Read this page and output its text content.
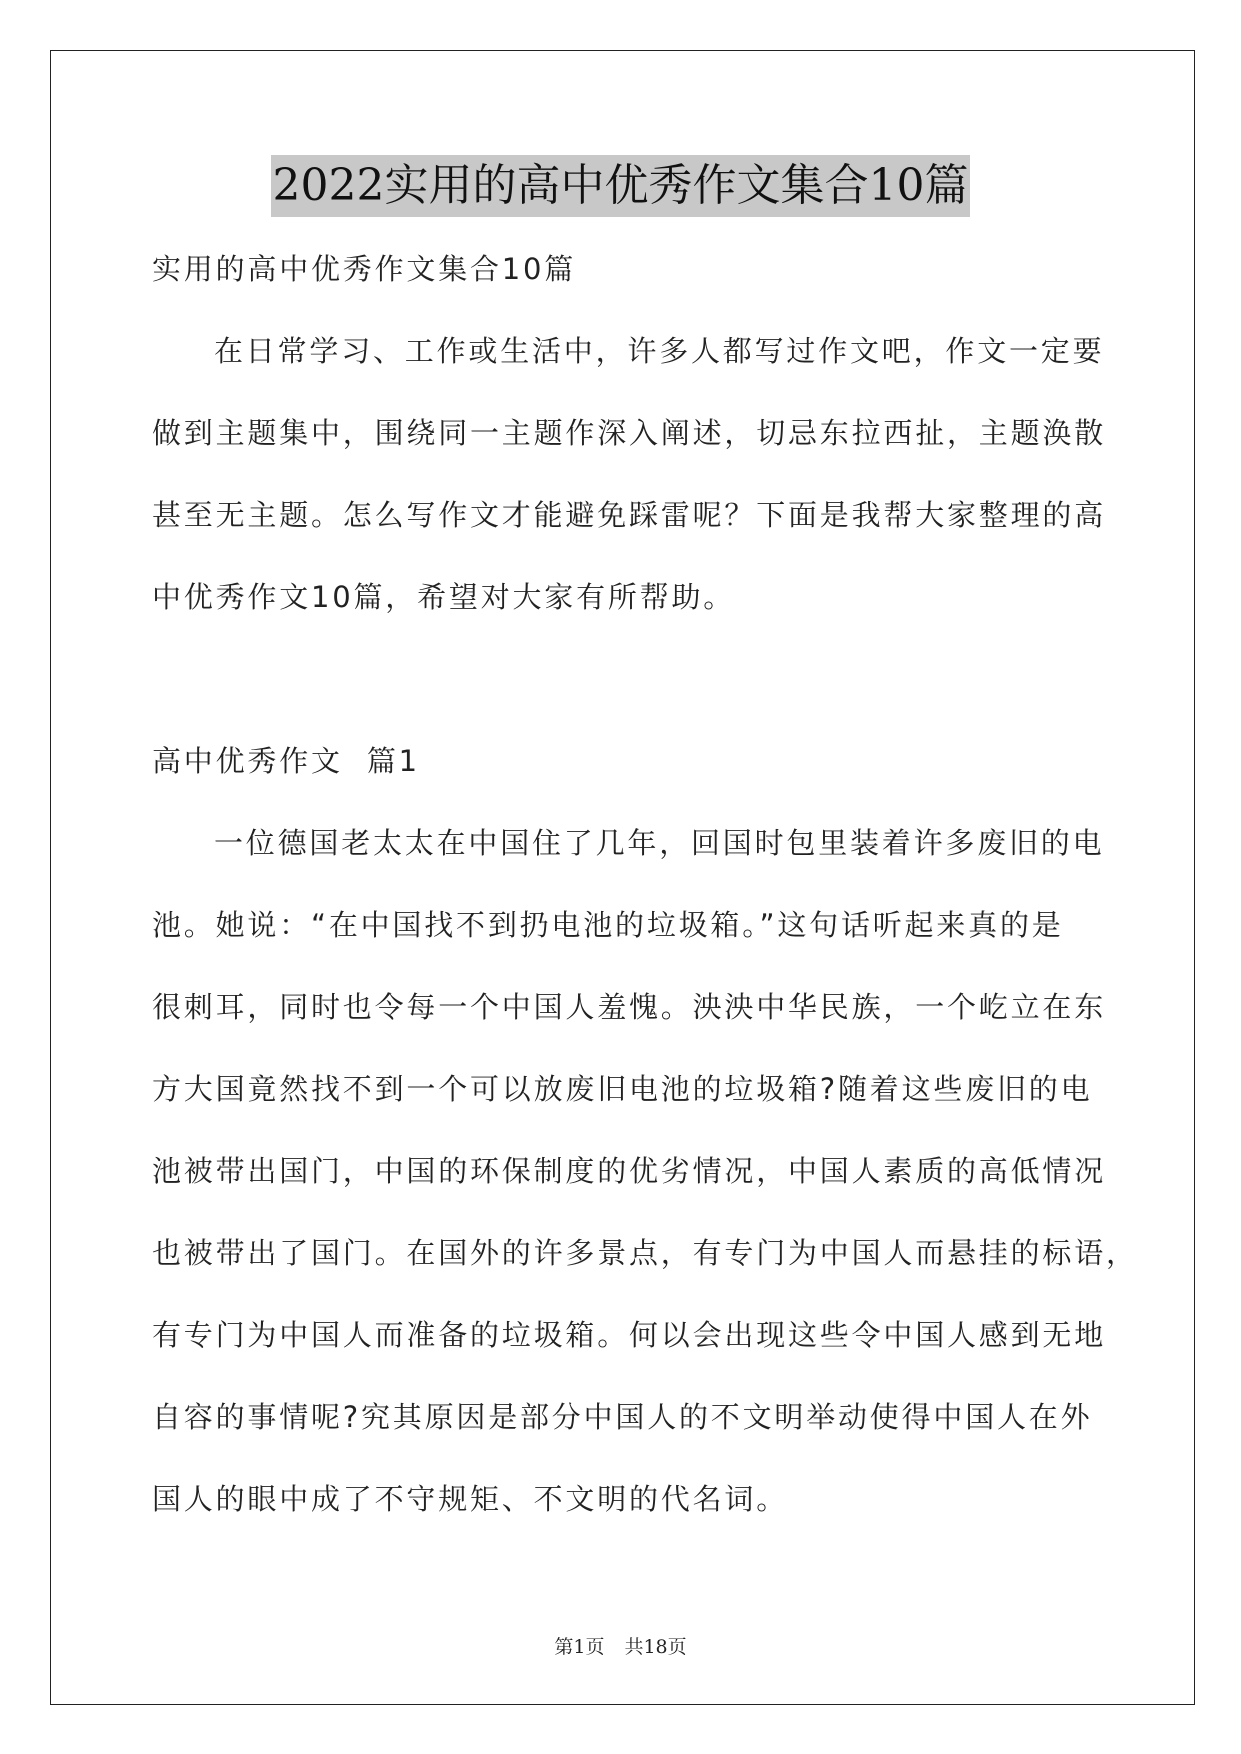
2022实用的高中优秀作文集合10篇
实用的高中优秀作文集合10篇
在日常学习、工作或生活中，许多人都写过作文吧，作文一定要
做到主题集中，围绕同一主题作深入阐述，切忌东拉西扯，主题涣散
甚至无主题。怎么写作文才能避免踩雷呢？下面是我帮大家整理的高
中优秀作文10篇，希望对大家有所帮助。
高中优秀作文  篇1
一位德国老太太在中国住了几年，回国时包里装着许多废旧的电
池。她说：“在中国找不到扔电池的垃圾箱。”这句话听起来真的是
很刺耳，同时也令每一个中国人羞愧。泱泱中华民族，一个屹立在东
方大国竟然找不到一个可以放废旧电池的垃圾箱?随着这些废旧的电
池被带出国门，中国的环保制度的优劣情况，中国人素质的高低情况
也被带出了国门。在国外的许多景点，有专门为中国人而悬挂的标语，
有专门为中国人而准备的垃圾箱。何以会出现这些令中国人感到无地
自容的事情呢?究其原因是部分中国人的不文明举动使得中国人在外
国人的眼中成了不守规矩、不文明的代名词。
第1页 共18页
